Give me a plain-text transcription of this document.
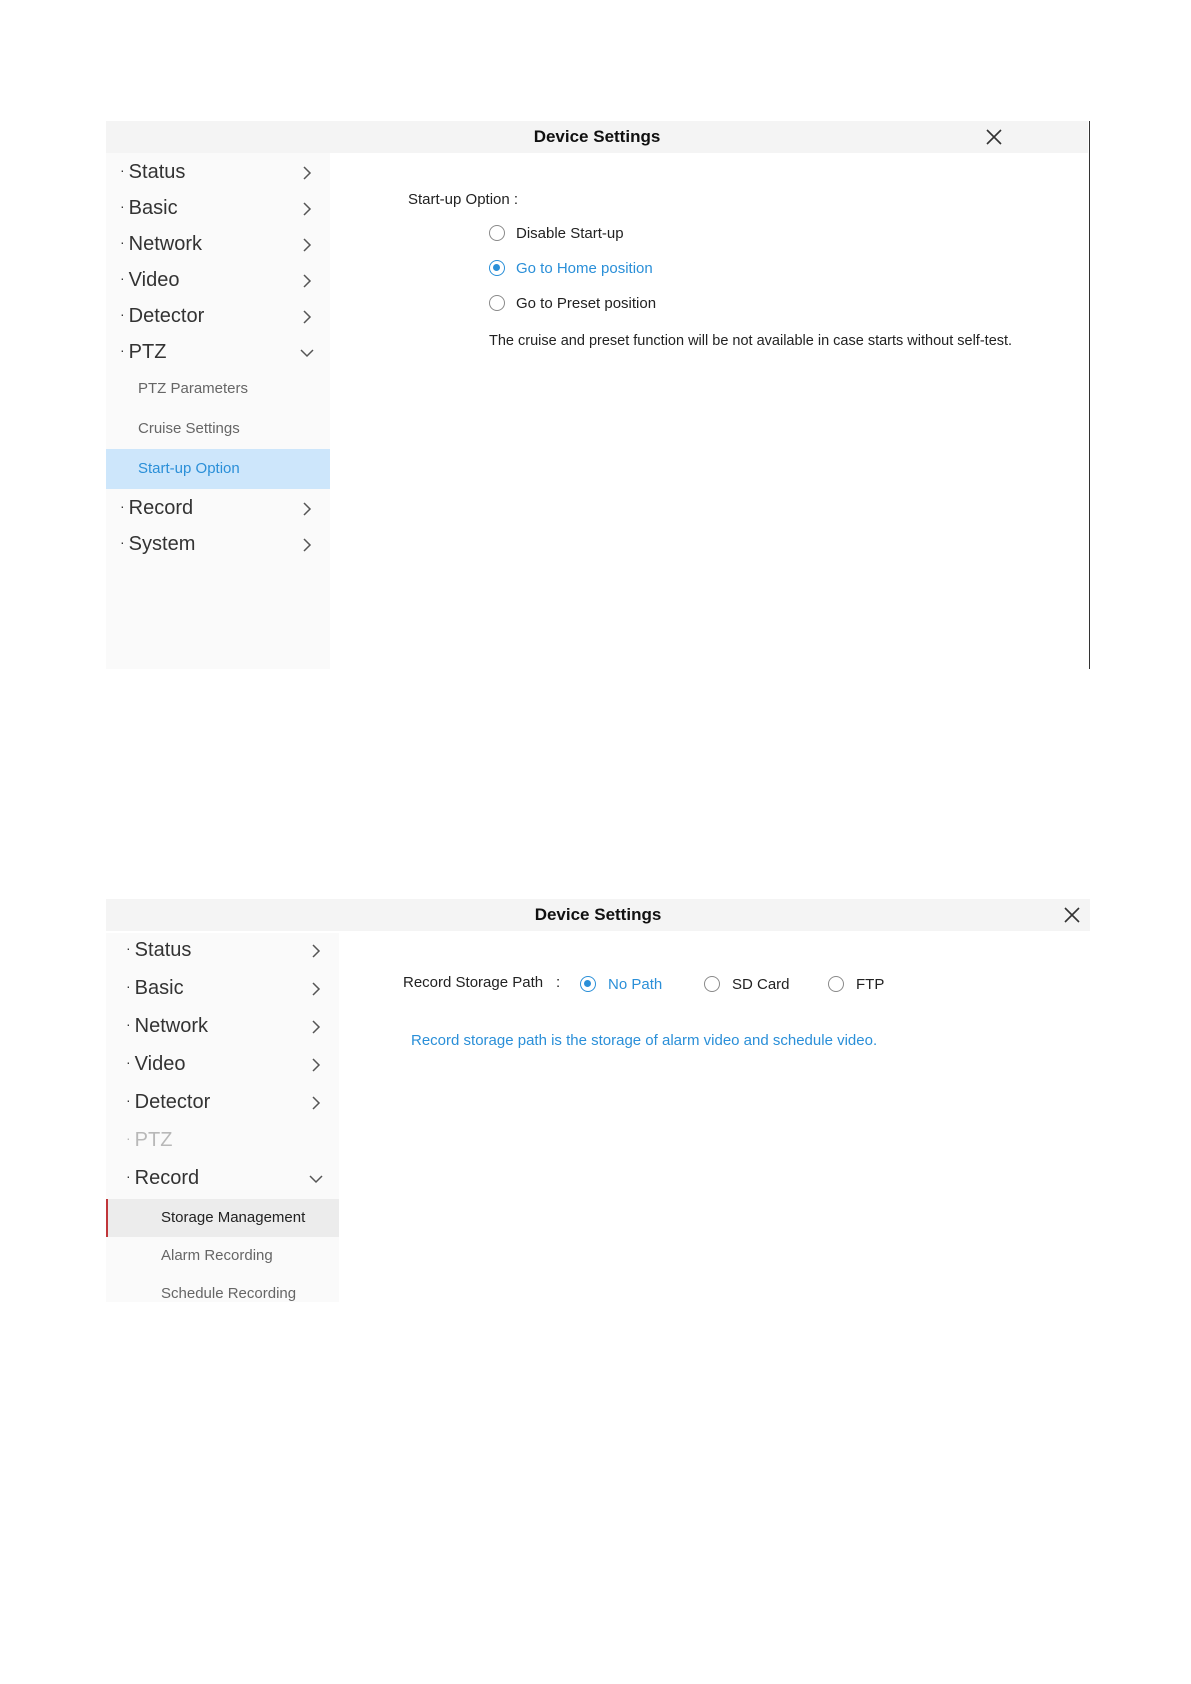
Device Settings
· Status
· Basic
· Network
· Video
· Detector
· PTZ
PTZ Parameters
Cruise Settings
Start-up Option
· Record
· System
Start-up Option :
Disable Start-up
Go to Home position
Go to Preset position
The cruise and preset function will be not available in case starts without self-test.
Device Settings
· Status
· Basic
· Network
· Video
· Detector
· PTZ
· Record
Storage Management
Alarm Recording
Schedule Recording
Record Storage Path :	No Path	SD Card	FTP
Record storage path is the storage of alarm video and schedule video.
